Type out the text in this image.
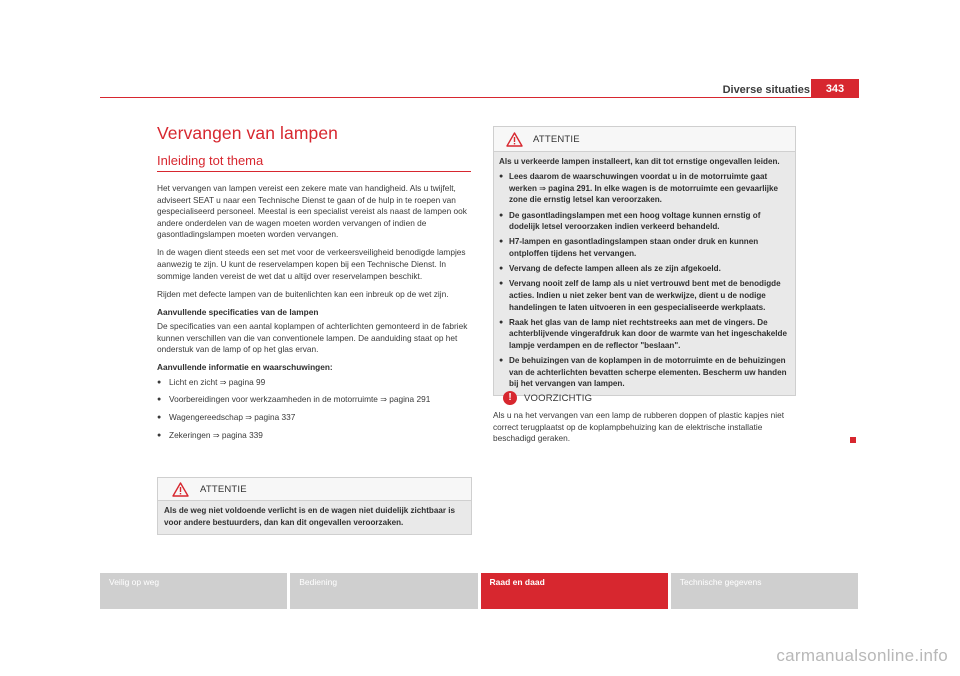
Diverse situaties	343
Vervangen van lampen
Inleiding tot thema

Het vervangen van lampen vereist een zekere mate van handigheid. Als u twijfelt, adviseert SEAT u naar een Technische Dienst te gaan of de hulp in te roepen van gespecialiseerd personeel. Meestal is een specialist vereist als naast de lampen ook andere onderdelen van de wagen moeten worden vervangen of indien de gasontladingslampen moeten worden vervangen.

In de wagen dient steeds een set met voor de verkeersveiligheid benodigde lampjes aanwezig te zijn. U kunt de reservelampen kopen bij een Technische Dienst. In sommige landen vereist de wet dat u altijd over reservelampen beschikt.

Rijden met defecte lampen van de buitenlichten kan een inbreuk op de wet zijn.

Aanvullende specificaties van de lampen

De specificaties van een aantal koplampen of achterlichten gemonteerd in de fabriek kunnen verschillen van die van conventionele lampen. De aanduiding staat op het onderstuk van de lamp of op het glas ervan.

Aanvullende informatie en waarschuwingen:

● Licht en zicht ⇒ pagina 99
● Voorbereidingen voor werkzaamheden in de motorruimte ⇒ pagina 291
● Wagengereedschap ⇒ pagina 337
● Zekeringen ⇒ pagina 339
ATTENTIE
Als de weg niet voldoende verlicht is en de wagen niet duidelijk zichtbaar is voor andere bestuurders, dan kan dit ongevallen veroorzaken.
ATTENTIE

Als u verkeerde lampen installeert, kan dit tot ernstige ongevallen leiden.

● Lees daarom de waarschuwingen voordat u in de motorruimte gaat werken ⇒ pagina 291. In elke wagen is de motorruimte een gevaarlijke zone die ernstig letsel kan veroorzaken.
● De gasontladingslampen met een hoog voltage kunnen ernstig of dodelijk letsel veroorzaken indien verkeerd behandeld.
● H7-lampen en gasontladingslampen staan onder druk en kunnen ontploffen tijdens het vervangen.
● Vervang de defecte lampen alleen als ze zijn afgekoeld.
● Vervang nooit zelf de lamp als u niet vertrouwd bent met de benodigde acties. Indien u niet zeker bent van de werkwijze, dient u de nodige handelingen te laten uitvoeren in een gespecialiseerde werkplaats.
● Raak het glas van de lamp niet rechtstreeks aan met de vingers. De achterblijvende vingerafdruk kan door de warmte van het ingeschakelde lampje verdampen en de reflector "beslaan".
● De behuizingen van de koplampen in de motorruimte en de behuizingen van de achterlichten bevatten scherpe elementen. Bescherm uw handen bij het vervangen van lampen.
!	VOORZICHTIG
Als u na het vervangen van een lamp de rubberen doppen of plastic kapjes niet correct terugplaatst op de koplampbehuizing kan de elektrische installatie beschadigd geraken.
Veilig op weg	Bediening	Raad en daad	Technische gegevens
carmanualsonline.info
